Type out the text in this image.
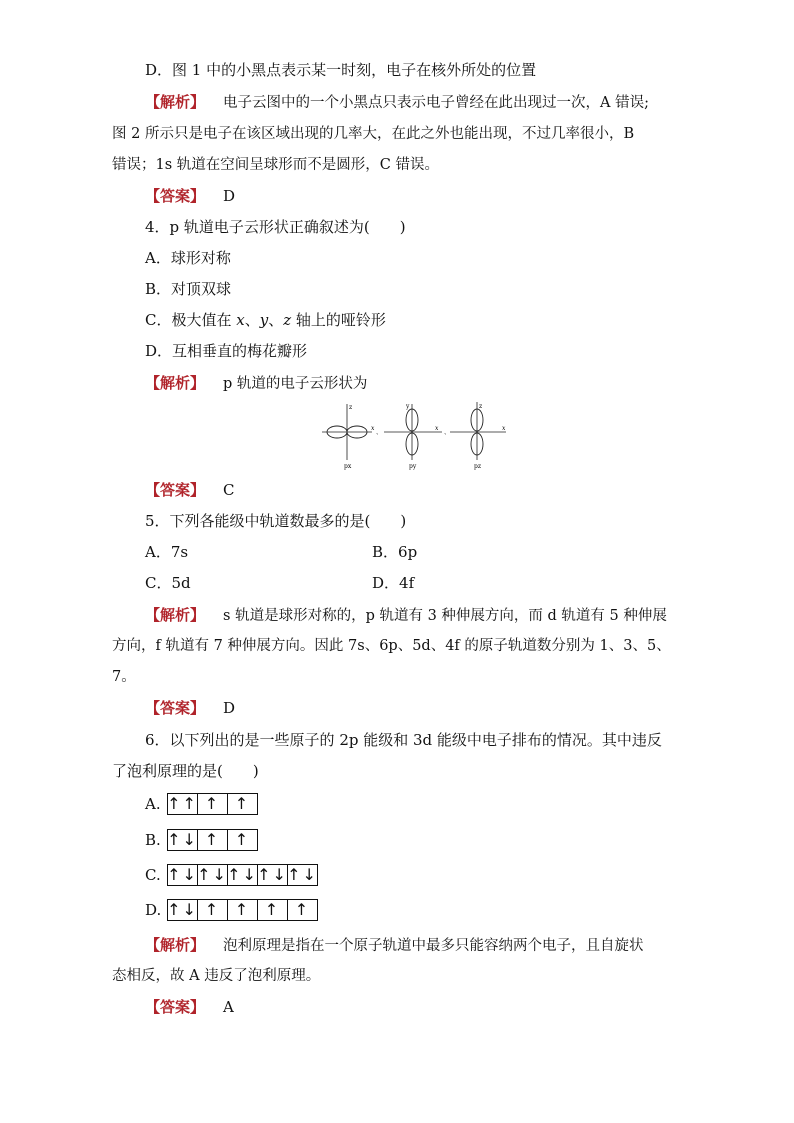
D．图 1 中的小黑点表示某一时刻，电子在核外所处的位置
【解析】 电子云图中的一个小黑点只表示电子曾经在此出现过一次，A 错误;
图 2 所示只是电子在该区域出现的几率大，在此之外也能出现，不过几率很小，B
错误；1s 轨道在空间呈球形而不是圆形，C 错误。
【答案】 D
4．p 轨道电子云形状正确叙述为(　　)
A．球形对称
B．对顶双球
C．极大值在 x、y、z 轴上的哑铃形
D．互相垂直的梅花瓣形
【解析】 p 轨道的电子云形状为
z
x
px
、
y
x
py
、
z
x
pz
【答案】 C
5．下列各能级中轨道数最多的是(　　)
A．7s	B．6p
C．5d	D．4f
【解析】 s 轨道是球形对称的，p 轨道有 3 种伸展方向，而 d 轨道有 5 种伸展
方向，f 轨道有 7 种伸展方向。因此 7s、6p、5d、4f 的原子轨道数分别为 1、3、5、
7。
【答案】 D
6．以下列出的是一些原子的 2p 能级和 3d 能级中电子排布的情况。其中违反
了泡利原理的是(　　)
A. ↑↑ ↑ ↑
B. ↑↓ ↑ ↑
C. ↑↓ ↑↓ ↑↓ ↑↓ ↑↓
D. ↑↓ ↑ ↑ ↑ ↑
【解析】 泡利原理是指在一个原子轨道中最多只能容纳两个电子，且自旋状
态相反，故 A 违反了泡利原理。
【答案】 A
